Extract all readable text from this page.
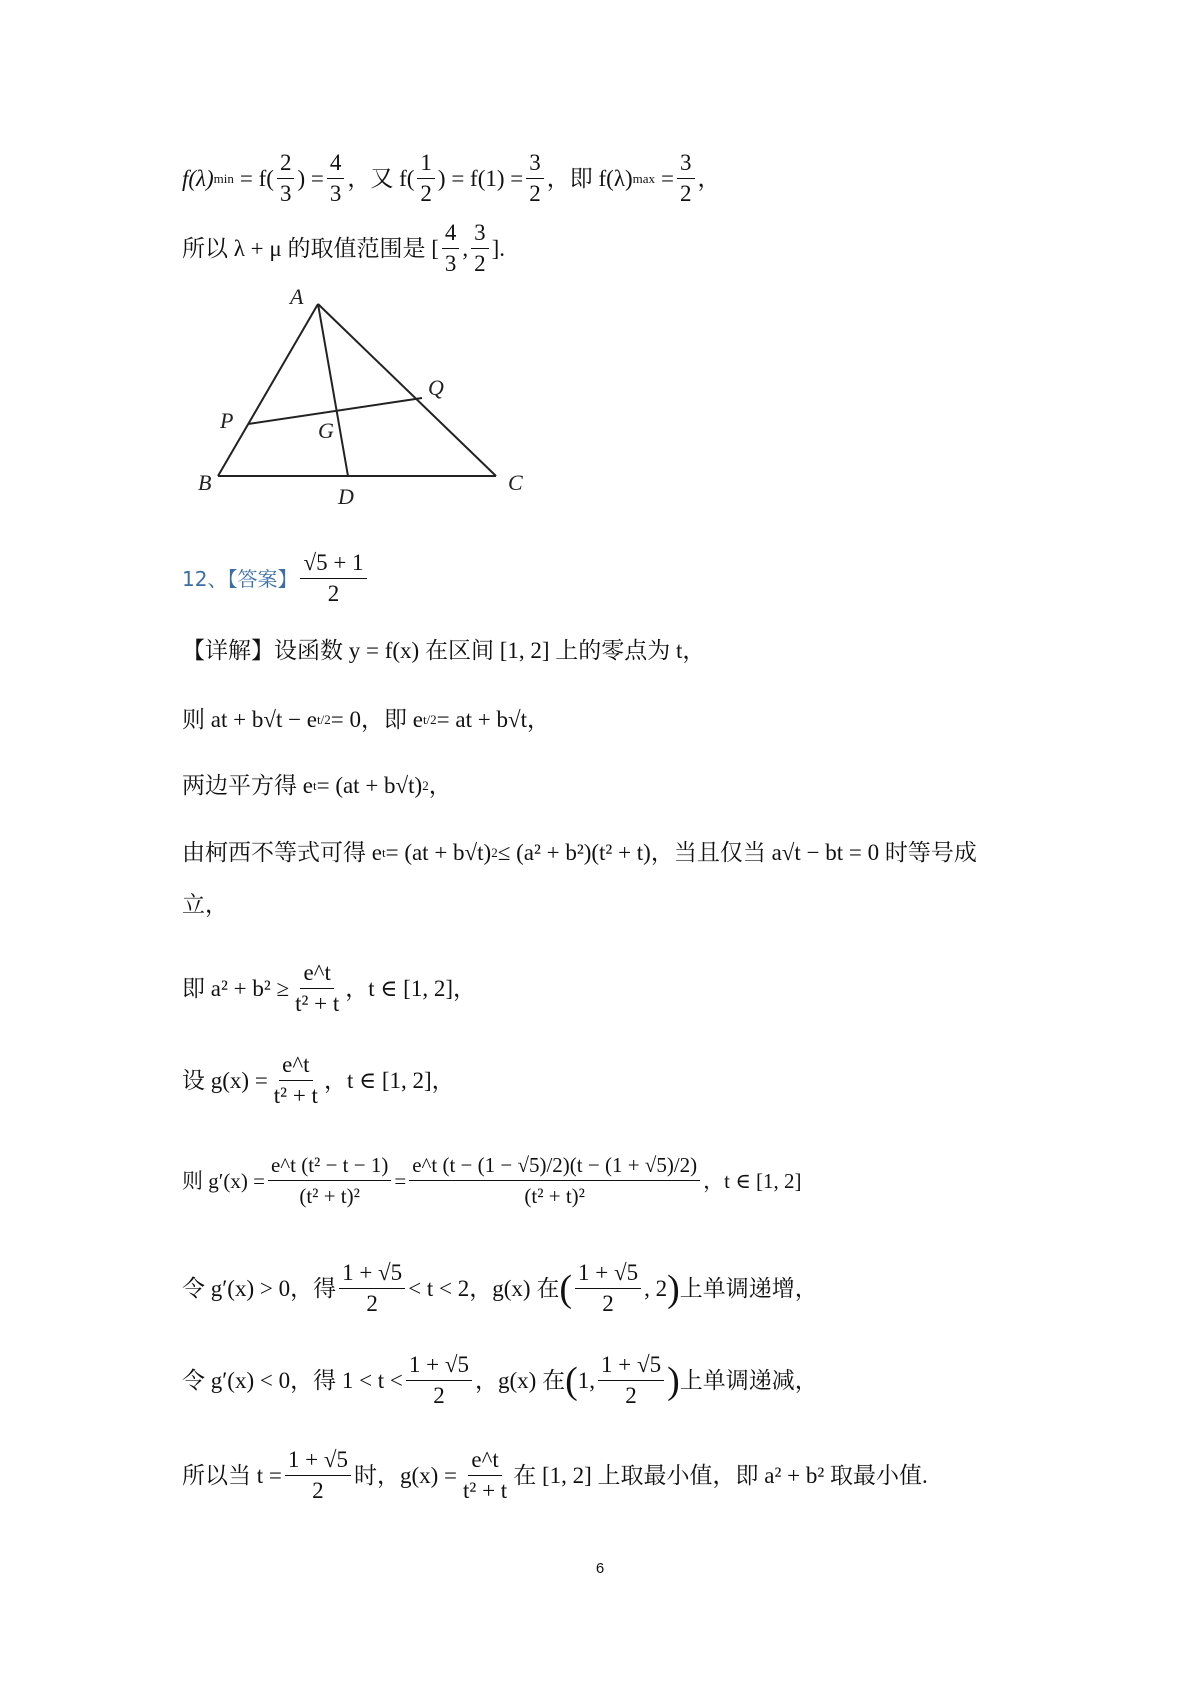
f(λ) $\min = f( \frac{2}{3}$ ) = $\frac{4}{3}$ ，又 $f( \frac{1}{2}$ ) = $f(1) = \frac{3}{2}$ ，即 f(λ) $\max = \frac{3}{2}$ ，
所以 λ + μ 的取值范围是 [ $\frac{4}{3}$ , $\frac{3}{2}$ ].
A
B	C
D
P
Q
G
12、【答案】 $\frac{√5 + 1}{2}$
【详解】设函数 y = f(x) 在区间 [1, 2] 上的零点为 t，
则 at + b√t − e t/2 = 0，即 e t/2 = at + b√t，
两边平方得 e t = (at + b√t) 2 ，
由柯西不等式可得 e t = (at + b√t) 2 ≤ (a² + b²)(t² + t)，当且仅当 a√t − bt = 0 时等号成
立，
即 $a^2 + b^2 \ge \frac{e\^{}t}{\text{t² + t}}$ ，t ∈ [1, 2]，
设 $g(x) = \frac{e\^{}t}{\text{t² + t}}$ ，t ∈ [1, 2]，
则 $g'(x) = \frac{\text{e\textasciicircum{}t (t² − t − 1)}}{\text{(t² + t)²}} = \frac{e\^{}t (t - (1 - √5)/2)(t - (1 + √5)/2)}{\text{(t² + t)²}}$ ，t ∈ [1, 2]
令 g′(x) > 0，得 $\frac{1 + √5}{2} < t < 2$，g(x) 在 ( $\frac{1 + √5}{2}$ , 2 ) 上单调递增，
令 g′(x) < 0，得 $1 < t < \frac{1 + √5}{2}$ ，g(x) 在 ( 1, $\frac{1 + √5}{2}$ ) 上单调递减，
所以当 $t = \frac{1 + √5}{2}$ 时，$g(x) = \frac{e\^{}t}{\text{t² + t}}$ 在 [1, 2] 上取最小值，即 a² + b² 取最小值.
6
